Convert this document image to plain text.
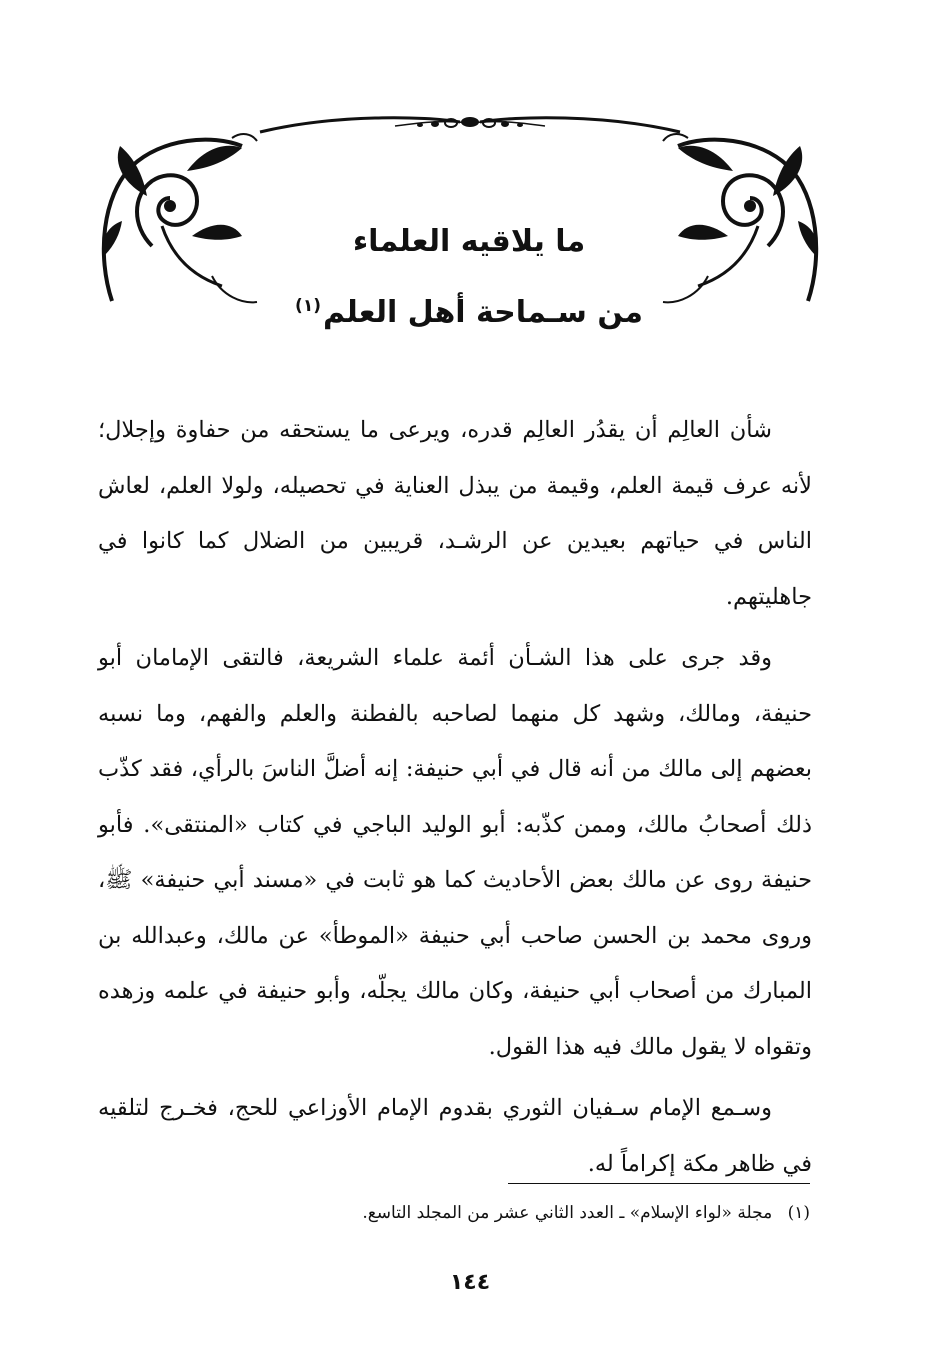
ما يلاقيه العلماء
من سـماحة أهل العلم$^{(١)}$

شأن العالِم أن يقدُر العالِم قدره، ويرعى ما يستحقه من حفاوة وإجلال؛ لأنه عرف قيمة العلم، وقيمة من يبذل العناية في تحصيله، ولولا العلم، لعاش الناس في حياتهم بعيدين عن الرشـد، قريبين من الضلال كما كانوا في جاهليتهم.

وقد جرى على هذا الشـأن أئمة علماء الشريعة، فالتقى الإمامان أبو حنيفة، ومالك، وشهد كل منهما لصاحبه بالفطنة والعلم والفهم، وما نسبه بعضهم إلى مالك من أنه قال في أبي حنيفة: إنه أضلَّ الناسَ بالرأي، فقد كذّب ذلك أصحابُ مالك، وممن كذّبه: أبو الوليد الباجي في كتاب «المنتقى». فأبو حنيفة روى عن مالك بعض الأحاديث كما هو ثابت في «مسند أبي حنيفة» ﷺ، وروى محمد بن الحسن صاحب أبي حنيفة «الموطأ» عن مالك، وعبدالله بن المبارك من أصحاب أبي حنيفة، وكان مالك يجلّه، وأبو حنيفة في علمه وزهده وتقواه لا يقول مالك فيه هذا القول.

وسـمع الإمام سـفيان الثوري بقدوم الإمام الأوزاعي للحج، فخـرج لتلقيه في ظاهر مكة إكراماً له.

(١) مجلة «لواء الإسلام» ـ العدد الثاني عشر من المجلد التاسع.
١٤٤
